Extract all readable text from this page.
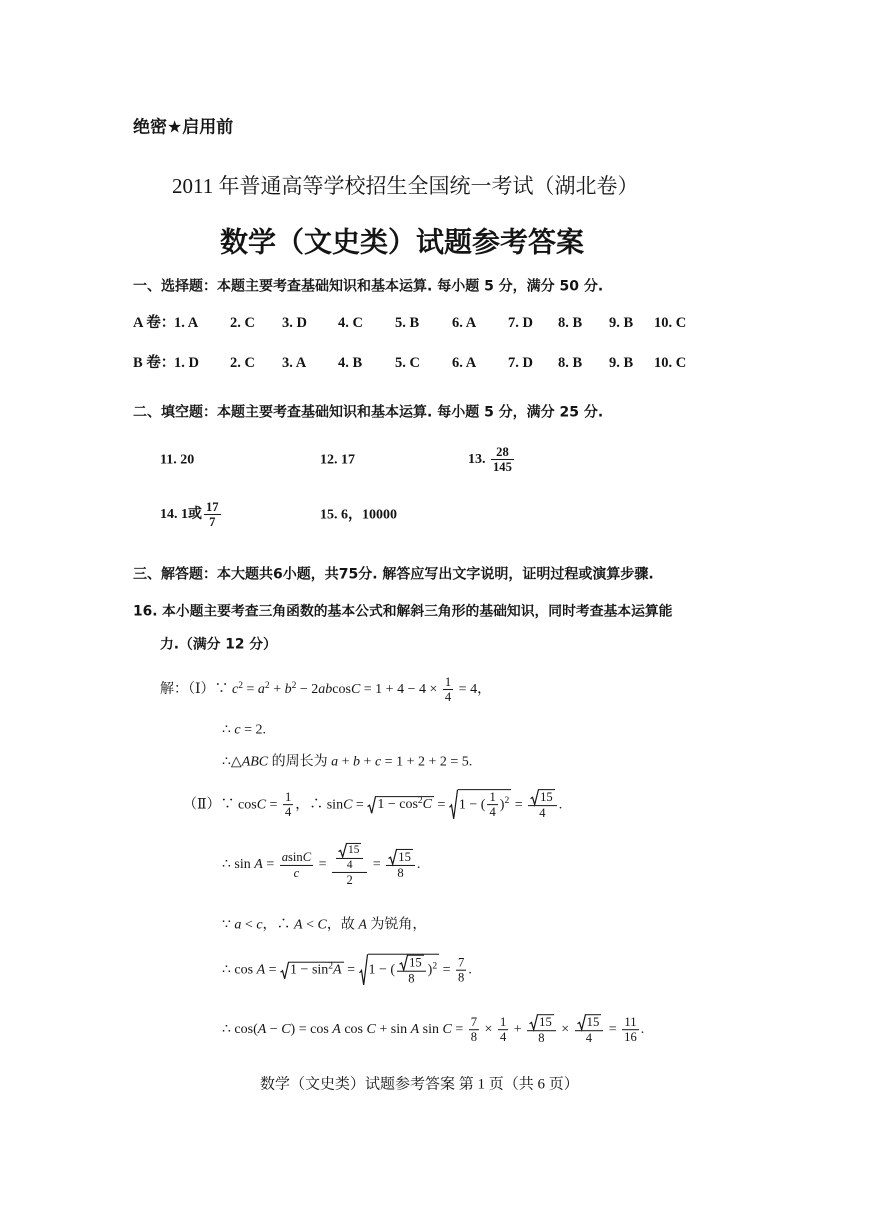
绝密★启用前
2011 年普通高等学校招生全国统一考试（湖北卷）
数学（文史类）试题参考答案
一、选择题：本题主要考查基础知识和基本运算. 每小题 5 分，满分 50 分.
A 卷：
1. A 2. C 3. D 4. C 5. B 6. A 7. D 8. B 9. B 10. C
B 卷：
1. D 2. C 3. A 4. B 5. C 6. A 7. D 8. B 9. B 10. C
二、填空题：本题主要考查基础知识和基本运算. 每小题 5 分，满分 25 分.
11. 20	12. 17	13. $\frac{28}{145}$
14. 1或 $\frac{17}{7}$	15. 6，10000
三、解答题：本大题共6小题，共75分. 解答应写出文字说明，证明过程或演算步骤.
16. 本小题主要考查三角函数的基本公式和解斜三角形的基础知识，同时考查基本运算能
力.（满分 12 分）
解：（Ⅰ）∵ $c^2 = a^2 + b^2 - 2abcosC = 1 + 4 - 4 \times \frac{1}{4} = 4$，
∴ c = 2.
∴△ABC 的周长为 a + b + c = 1 + 2 + 2 = 5.
（Ⅱ）∵ $\cos C = \frac{1}{4}$ ，∴ sinC =
$1 - \cos^2C$ =
1 − ( $\frac{1}{4} )^2 = \frac{15}{4}$ .
∴ $\sin A = \frac{asinC}{c} = \frac{\frac{15}{4}}{2} = \frac{15}{8}$ .
∵ a < c，∴ A < C，故 A 为锐角，
∴ cos A =
$1 - \sin^2A$ =
1 − ( $\frac{15}{8} )^2 = \frac{7}{8}$ .
∴ cos(A − C) = cos A cos C + sin A $\sin C = \frac{7}{8} \times \frac{1}{4} + \frac{15}{8} \times \frac{15}{4} = \frac{11}{16}$ .
数学（文史类）试题参考答案 第 1 页（共 6 页）
